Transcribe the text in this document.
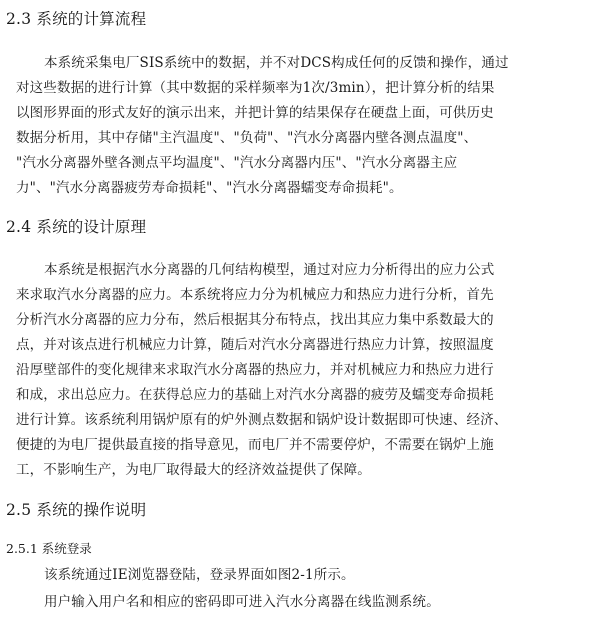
2.3 系统的计算流程
本系统采集电厂SIS系统中的数据，并不对DCS构成任何的反馈和操作，通过
对这些数据的进行计算（其中数据的采样频率为1次/3min），把计算分析的结果
以图形界面的形式友好的演示出来，并把计算的结果保存在硬盘上面，可供历史
数据分析用，其中存储"主汽温度"、"负荷"、"汽水分离器内壁各测点温度"、
"汽水分离器外壁各测点平均温度"、"汽水分离器内压"、"汽水分离器主应
力"、"汽水分离器疲劳寿命损耗"、"汽水分离器蠕变寿命损耗"。
2.4 系统的设计原理
本系统是根据汽水分离器的几何结构模型，通过对应力分析得出的应力公式
来求取汽水分离器的应力。本系统将应力分为机械应力和热应力进行分析，首先
分析汽水分离器的应力分布，然后根据其分布特点，找出其应力集中系数最大的
点，并对该点进行机械应力计算，随后对汽水分离器进行热应力计算，按照温度
沿厚壁部件的变化规律来求取汽水分离器的热应力，并对机械应力和热应力进行
和成，求出总应力。在获得总应力的基础上对汽水分离器的疲劳及蠕变寿命损耗
进行计算。该系统利用锅炉原有的炉外测点数据和锅炉设计数据即可快速、经济、
便捷的为电厂提供最直接的指导意见，而电厂并不需要停炉，不需要在锅炉上施
工，不影响生产，为电厂取得最大的经济效益提供了保障。
2.5 系统的操作说明
2.5.1 系统登录
该系统通过IE浏览器登陆，登录界面如图2-1所示。
用户输入用户名和相应的密码即可进入汽水分离器在线监测系统。
